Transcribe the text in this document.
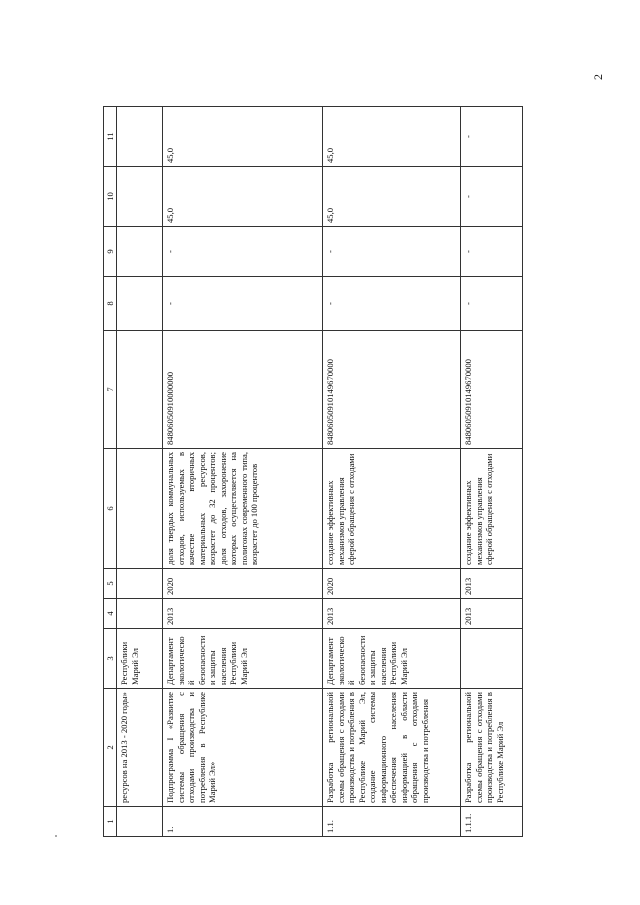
2
1	2	3	4	5	6	7	8	9	10	11
	ресурсов на 2013 - 2020 годы»	Республики Марий Эл								
1.	Подпрограмма I «Развитие системы обращения с отходами производства и потребления в Республике Марий Эл»	Департамент экологической безопасности и защиты населения Республики Марий Эл	2013	2020	доля твердых коммунальных отходов, используемых в качестве вторичных материальных ресурсов, возрастет до 32 процентов; доля отходов, захоронение которых осуществляется на полигонах современного типа, возрастет до 100 процентов	84806050910000000	-	-	45,0	45,0
1.1.	Разработка региональной схемы обращения с отходами производства и потребления в Республике Марий Эл, создание системы информационного обеспечения населения информацией в области обращения с отходами производства и потребления	Департамент экологической безопасности и защиты населения Республики Марий Эл	2013	2020	создание эффективных механизмов управления сферой обращения с отходами	84806050910149670000	-	-	45,0	45,0
1.1.1.	Разработка региональной схемы обращения с отходами производства и потребления в Республике Марий Эл		2013	2013	создание эффективных механизмов управления сферой обращения с отходами	84806050910149670000	-	-	-	-
